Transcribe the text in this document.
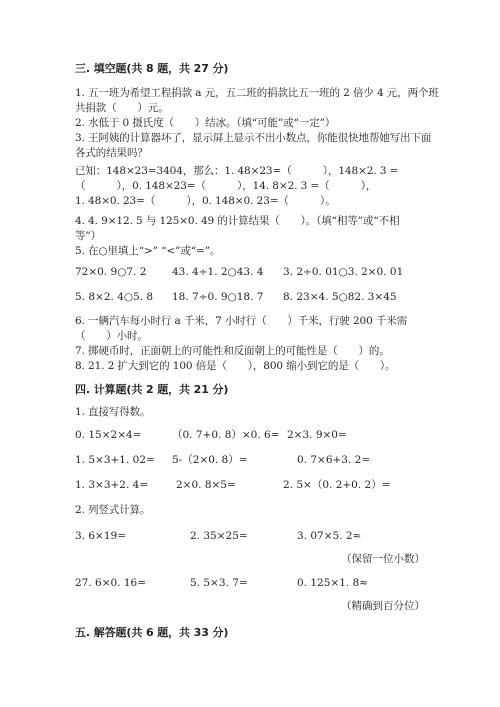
三. 填空题(共 8 题，共 27 分)
1. 五一班为希望工程捐款 a 元，五二班的捐款比五一班的 2 倍少 4 元，两个班
共捐款（　　）元。
2. 水低于 0 摄氏度（　　）结冰。（填“可能”或“一定”）
3. 王阿姨的计算器坏了，显示屏上显示不出小数点，你能很快地帮她写出下面
各式的结果吗？
已知：148×23=3404，那么：1. 48×23=（　　　），148×2. 3 =
（　　　），0. 148×23=（　　　），14. 8×2. 3 =（　　　），
1. 48×0. 23=（　　　），0. 148×0. 23=（　　　）。
4. 4. 9×12. 5 与 125×0. 49 的计算结果（　　）。（填“相等”或“不相
等”）
5. 在○里填上“>” “<”或“=”。
72×0. 9○7. 2 43. 4÷1. 2○43. 4 3. 2÷0. 01○3. 2×0. 01
5. 8×2. 4○5. 8 18. 7÷0. 9○18. 7 8. 23×4. 5○82. 3×45
6. 一辆汽车每小时行 a 千米，7 小时行（　　）千米，行驶 200 千米需
（　　）小时。
7. 掷硬币时，正面朝上的可能性和反面朝上的可能性是（　　）的。
8. 21. 2 扩大到它的 100 倍是（　　），800 缩小到它的是（　　）。
四. 计算题(共 2 题，共 21 分)
1. 直接写得数。
0. 15×2×4=	（0. 7+0. 8）×0. 6= 2×3. 9×0=
1. 5×3+1. 02= 5-（2×0. 8）=	0. 7×6+3. 2=
1. 3×3+2. 4=	2×0. 8×5=	2. 5×（0. 2+0. 2）=
2. 列竖式计算。
3. 6×19=	2. 35×25=	3. 07×5. 2≈
（保留一位小数）
27. 6×0. 16=	5. 5×3. 7=	0. 125×1. 8≈
（精确到百分位）
五. 解答题(共 6 题，共 33 分)
